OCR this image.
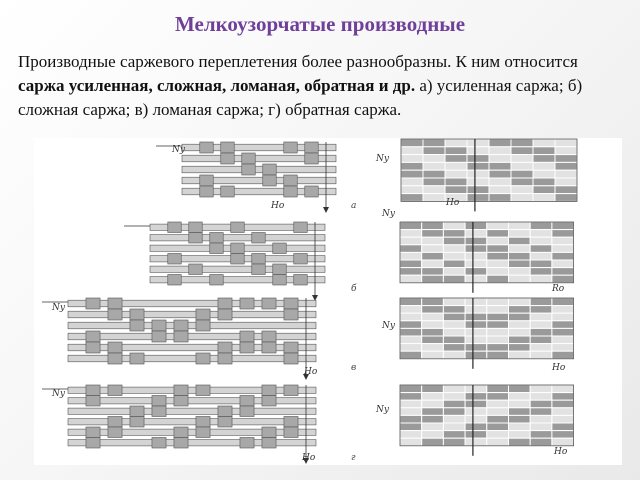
Мелкоузорчатые производные
Производные саржевого переплетения более разнообразны. К ним относится саржа усиленная, сложная, ломаная, обратная и др. а) усиленная саржа; б) сложная саржа; в) ломаная саржа; г) обратная саржа.
Ny
Ho	a
Ny
Ho
б
Ny
Ro
Ny
Ho	в
Ny
Ho
Ny
Ho	г
Ny
Ho
